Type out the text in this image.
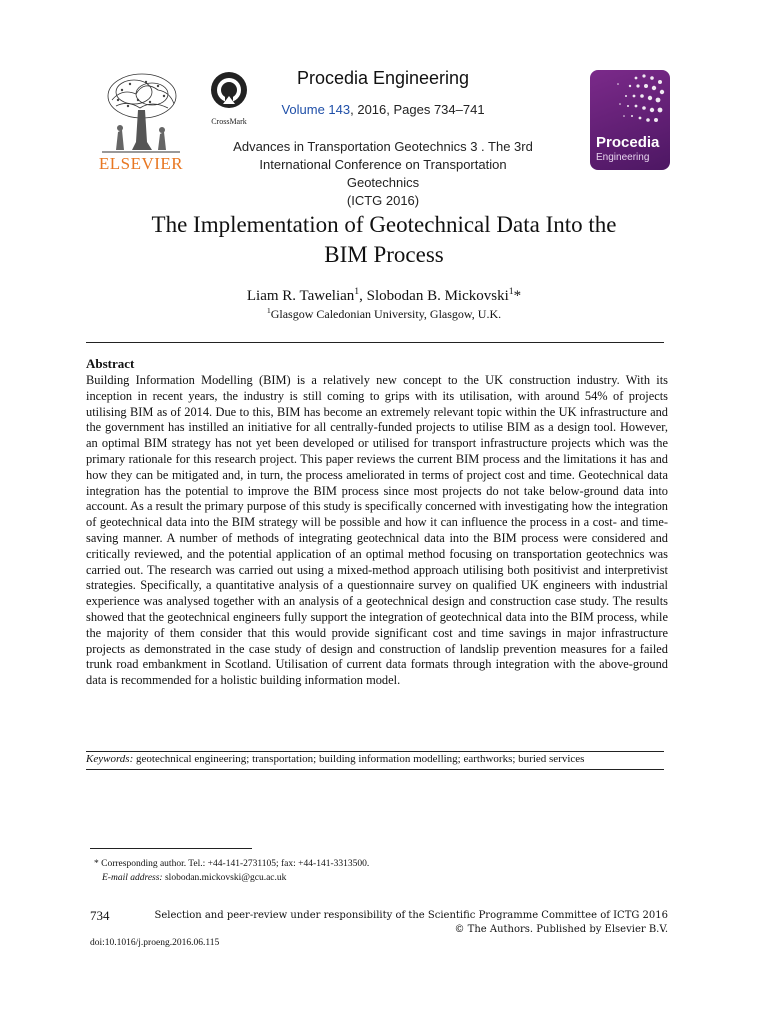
ELSEVIER
CrossMark
Procedia Engineering
Volume 143, 2016, Pages 734–741
Advances in Transportation Geotechnics 3 . The 3rd
International Conference on Transportation Geotechnics
(ICTG 2016)
Procedia
Engineering
The Implementation of Geotechnical Data Into the
BIM Process
Liam R. Tawelian$^1$, Slobodan B. Mickovski$^1$*
$^1$Glasgow Caledonian University, Glasgow, U.K.
Abstract
Building Information Modelling (BIM) is a relatively new concept to the UK construction industry. With its inception in recent years, the industry is still coming to grips with its utilisation, with around 54% of projects utilising BIM as of 2014. Due to this, BIM has become an extremely relevant topic within the UK infrastructure and the government has instilled an initiative for all centrally-funded projects to utilise BIM as a design tool. However, an optimal BIM strategy has not yet been developed or utilised for transport infrastructure projects which was the primary rationale for this research project. This paper reviews the current BIM process and the limitations it has and how they can be mitigated and, in turn, the process ameliorated in terms of project cost and time. Geotechnical data integration has the potential to improve the BIM process since most projects do not take below-ground data into account. As a result the primary purpose of this study is specifically concerned with investigating how the integration of geotechnical data into the BIM strategy will be possible and how it can influence the process in a cost- and time-saving manner. A number of methods of integrating geotechnical data into the BIM process were considered and critically reviewed, and the potential application of an optimal method focusing on transportation geotechnics was carried out. The research was carried out using a mixed-method approach utilising both positivist and interpretivist strategies. Specifically, a quantitative analysis of a questionnaire survey on qualified UK engineers with industrial experience was analysed together with an analysis of a geotechnical design and construction case study. The results showed that the geotechnical engineers fully support the integration of geotechnical data into the BIM process, while the majority of them consider that this would provide significant cost and time savings in major infrastructure projects as demonstrated in the case study of design and construction of landslip prevention measures for a failed trunk road embankment in Scotland. Utilisation of current data formats through integration with the above-ground data is recommended for a holistic building information model.
Keywords: geotechnical engineering; transportation; building information modelling; earthworks; buried services
* Corresponding author. Tel.: +44-141-2731105; fax: +44-141-3313500.
E-mail address: slobodan.mickovski@gcu.ac.uk
734	Selection and peer-review under responsibility of the Scientific Programme Committee of ICTG 2016
© The Authors. Published by Elsevier B.V.
doi:10.1016/j.proeng.2016.06.115
